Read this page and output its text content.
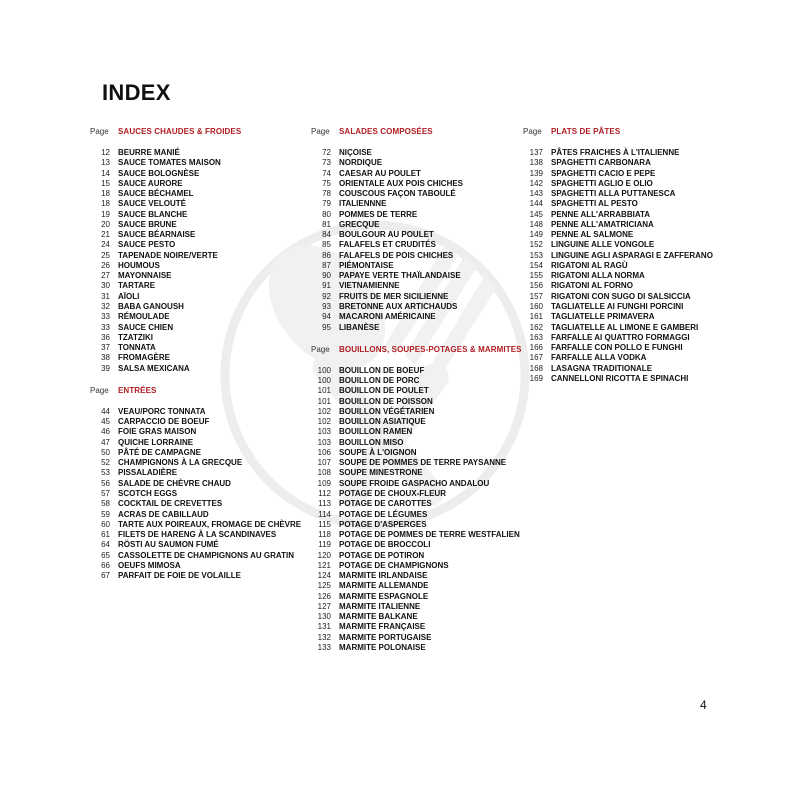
INDEX
Page	SAUCES CHAUDES & FROIDES
12	BEURRE MANIÉ
13	SAUCE TOMATES MAISON
14	SAUCE BOLOGNÈSE
15	SAUCE AURORE
18	SAUCE BÉCHAMEL
18	SAUCE VELOUTÉ
19	SAUCE BLANCHE
20	SAUCE BRUNE
21	SAUCE BÉARNAISE
24	SAUCE PESTO
25	TAPENADE NOIRE/VERTE
26	HOUMOUS
27	MAYONNAISE
30	TARTARE
31	AÏOLI
32	BABA GANOUSH
33	RÉMOULADE
33	SAUCE CHIEN
36	TZATZIKI
37	TONNATA
38	FROMAGÈRE
39	SALSA MEXICANA
Page	ENTRÉES
44	VEAU/PORC TONNATA
45	CARPACCIO DE BOEUF
46	FOIE GRAS MAISON
47	QUICHE LORRAINE
50	PÂTÉ DE CAMPAGNE
52	CHAMPIGNONS À LA GRECQUE
53	PISSALADIÈRE
56	SALADE DE CHÈVRE CHAUD
57	SCOTCH EGGS
58	COCKTAIL DE CREVETTES
59	ACRAS DE CABILLAUD
60	TARTE AUX POIREAUX, FROMAGE DE CHÈVRE
61	FILETS DE HARENG À LA SCANDINAVES
64	RÖSTI AU SAUMON FUMÉ
65	CASSOLETTE DE CHAMPIGNONS AU GRATIN
66	OEUFS MIMOSA
67	PARFAIT DE FOIE DE VOLAILLE
Page	SALADES COMPOSÉES
72	NIÇOISE
73	NORDIQUE
74	CAESAR AU POULET
75	ORIENTALE AUX POIS CHICHES
78	COUSCOUS FAÇON TABOULÉ
79	ITALIENNNE
80	POMMES DE TERRE
81	GRECQUE
84	BOULGOUR AU POULET
85	FALAFELS ET CRUDITÉS
86	FALAFELS DE POIS CHICHES
87	PIÉMONTAISE
90	PAPAYE VERTE THAÏLANDAISE
91	VIETNAMIENNE
92	FRUITS DE MER SICILIENNE
93	BRETONNE AUX ARTICHAUDS
94	MACARONI AMÉRICAINE
95	LIBANÈSE
Page	BOUILLONS, SOUPES-POTAGES & MARMITES
100	BOUILLON DE BOEUF
100	BOUILLON DE PORC
101	BOUILLON DE POULET
101	BOUILLON DE POISSON
102	BOUILLON VÉGÉTARIEN
102	BOUILLON ASIATIQUE
103	BOUILLON RAMEN
103	BOUILLON MISO
106	SOUPE À L'OIGNON
107	SOUPE DE POMMES DE TERRE PAYSANNE
108	SOUPE MINESTRONE
109	SOUPE FROIDE GASPACHO ANDALOU
112	POTAGE DE CHOUX-FLEUR
113	POTAGE DE CAROTTES
114	POTAGE DE LÉGUMES
115	POTAGE D'ASPERGES
118	POTAGE DE POMMES DE TERRE WESTFALIEN
119	POTAGE DE BROCCOLI
120	POTAGE DE POTIRON
121	POTAGE DE CHAMPIGNONS
124	MARMITE IRLANDAISE
125	MARMITE ALLEMANDE
126	MARMITE ESPAGNOLE
127	MARMITE ITALIENNE
130	MARMITE BALKANE
131	MARMITE FRANÇAISE
132	MARMITE PORTUGAISE
133	MARMITE POLONAISE
Page	PLATS DE PÂTES
137	PÂTES FRAICHES À L'ITALIENNE
138	SPAGHETTI CARBONARA
139	SPAGHETTI CACIO E PEPE
142	SPAGHETTI AGLIO E OLIO
143	SPAGHETTI ALLA PUTTANESCA
144	SPAGHETTI AL PESTO
145	PENNE ALL'ARRABBIATA
148	PENNE ALL'AMATRICIANA
149	PENNE AL SALMONE
152	LINGUINE ALLE VONGOLE
153	LINGUINE AGLI ASPARAGI E ZAFFERANO
154	RIGATONI AL RAGÙ
155	RIGATONI ALLA NORMA
156	RIGATONI AL FORNO
157	RIGATONI CON SUGO DI SALSICCIA
160	TAGLIATELLE AI FUNGHI PORCINI
161	TAGLIATELLE PRIMAVERA
162	TAGLIATELLE AL LIMONE E GAMBERI
163	FARFALLE AI QUATTRO FORMAGGI
166	FARFALLE CON POLLO E FUNGHI
167	FARFALLE ALLA VODKA
168	LASAGNA TRADITIONALE
169	CANNELLONI RICOTTA E SPINACHI
4
